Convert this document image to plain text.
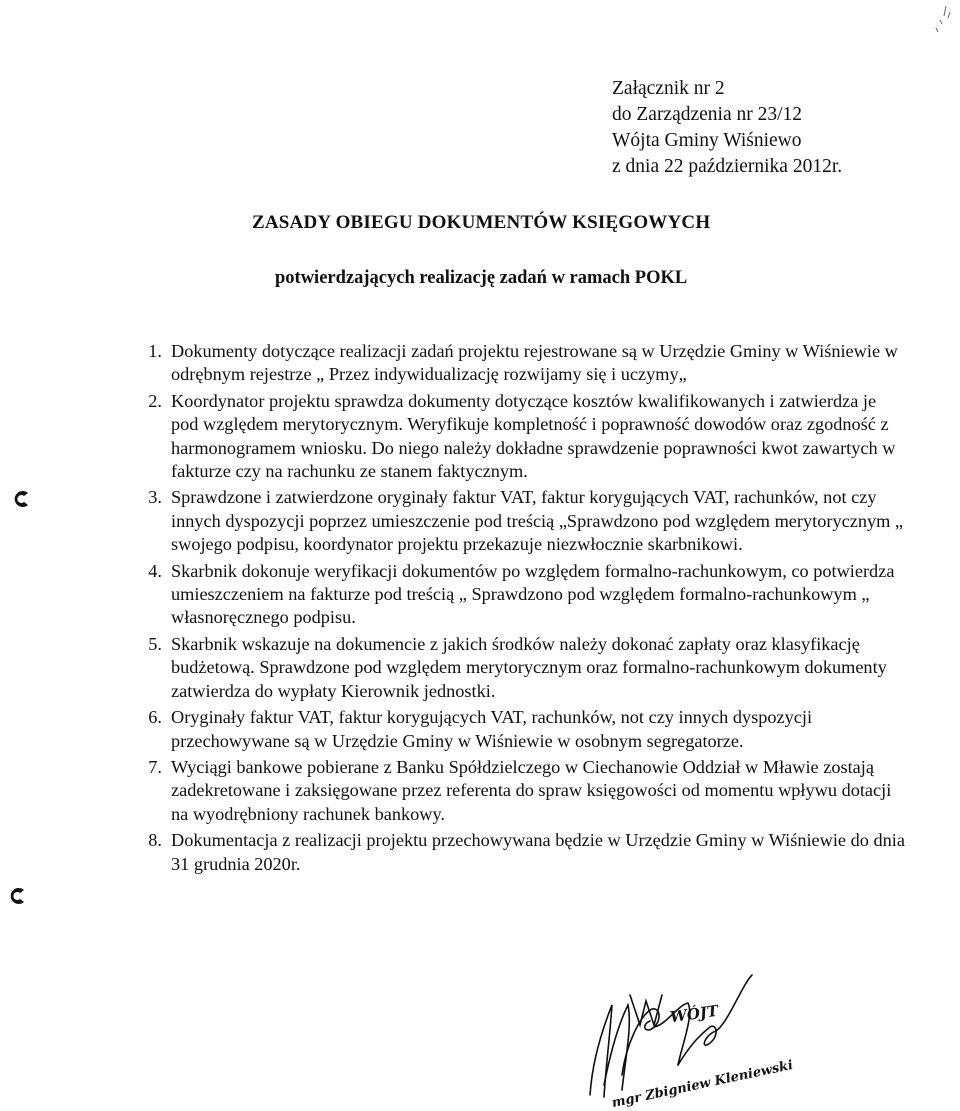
Załącznik nr 2
do Zarządzenia nr 23/12
Wójta Gminy Wiśniewo
z dnia 22 października 2012r.
ZASADY OBIEGU DOKUMENTÓW KSIĘGOWYCH
potwierdzających realizację zadań w ramach POKL
1. Dokumenty dotyczące realizacji zadań projektu rejestrowane są w Urzędzie Gminy w Wiśniewie w odrębnym rejestrze „ Przez indywidualizację rozwijamy się i uczymy„
2. Koordynator projektu sprawdza dokumenty dotyczące kosztów kwalifikowanych i zatwierdza je pod względem merytorycznym. Weryfikuje kompletność i poprawność dowodów oraz zgodność z harmonogramem wniosku. Do niego należy dokładne sprawdzenie poprawności kwot zawartych w fakturze czy na rachunku ze stanem faktycznym.
3. Sprawdzone i zatwierdzone oryginały faktur VAT, faktur korygujących VAT, rachunków, not czy innych dyspozycji poprzez umieszczenie pod treścią „Sprawdzono pod względem merytorycznym „ swojego podpisu, koordynator projektu przekazuje niezwłocznie skarbnikowi.
4. Skarbnik dokonuje weryfikacji dokumentów po względem formalno-rachunkowym, co potwierdza umieszczeniem na fakturze pod treścią „ Sprawdzono pod względem formalno-rachunkowym „ własnoręcznego podpisu.
5. Skarbnik wskazuje na dokumencie z jakich środków należy dokonać zapłaty oraz klasyfikację budżetową. Sprawdzone pod względem merytorycznym oraz formalno-rachunkowym dokumenty zatwierdza do wypłaty Kierownik jednostki.
6. Oryginały faktur VAT, faktur korygujących VAT, rachunków, not czy innych dyspozycji przechowywane są w Urzędzie Gminy w Wiśniewie w osobnym segregatorze.
7. Wyciągi bankowe pobierane z Banku Spółdzielczego w Ciechanowie Oddział w Mławie zostają zadekretowane i zaksięgowane przez referenta do spraw księgowości od momentu wpływu dotacji na wyodrębniony rachunek bankowy.
8. Dokumentacja z realizacji projektu przechowywana będzie w Urzędzie Gminy w Wiśniewie do dnia 31 grudnia 2020r.
mgr Zbigniew Kleniewski
WÓJT
